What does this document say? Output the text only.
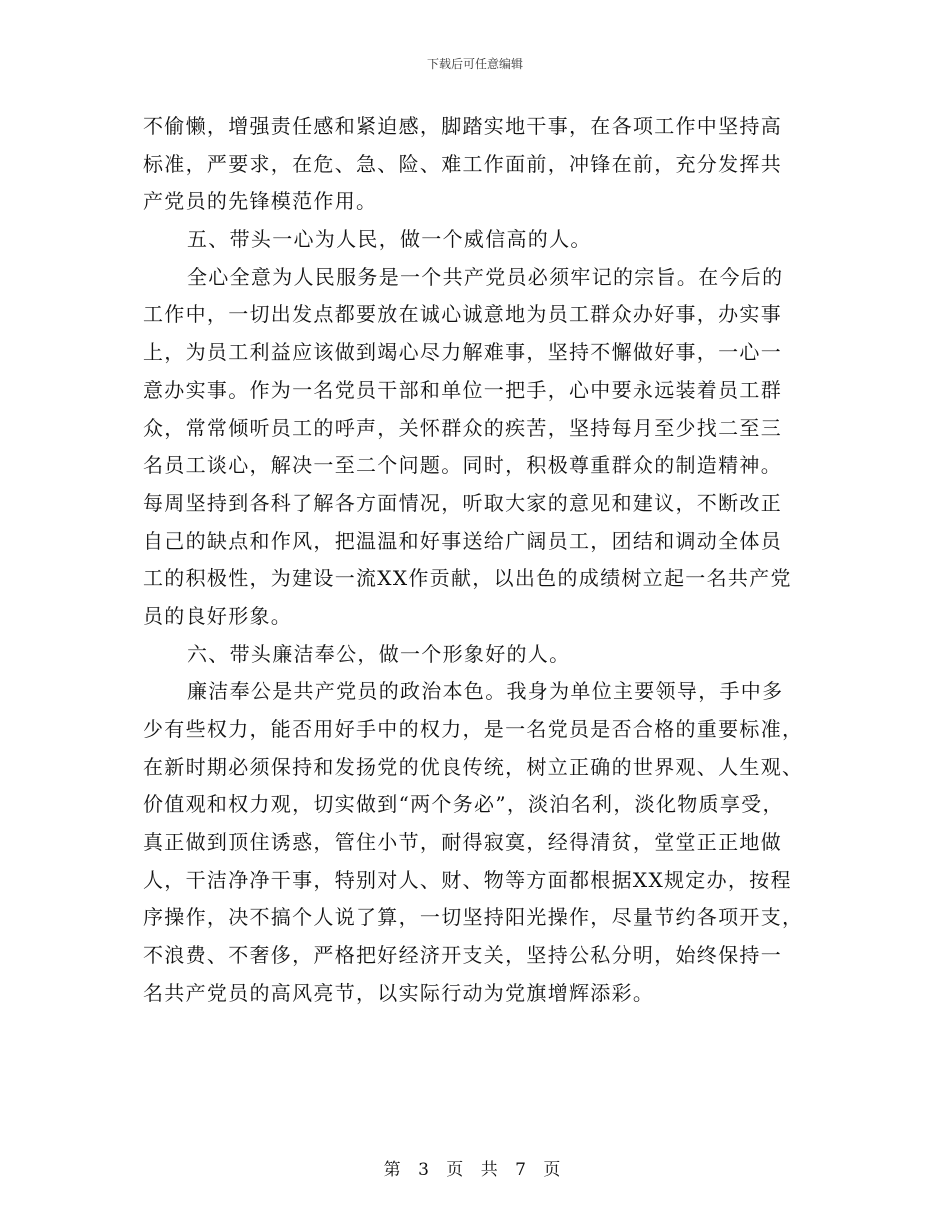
下载后可任意编辑
不偷懒，增强责任感和紧迫感，脚踏实地干事，在各项工作中坚持高
标准，严要求，在危、急、险、难工作面前，冲锋在前，充分发挥共
产党员的先锋模范作用。
五、带头一心为人民，做一个威信高的人。
全心全意为人民服务是一个共产党员必须牢记的宗旨。在今后的
工作中，一切出发点都要放在诚心诚意地为员工群众办好事，办实事
上，为员工利益应该做到竭心尽力解难事，坚持不懈做好事，一心一
意办实事。作为一名党员干部和单位一把手，心中要永远装着员工群
众，常常倾听员工的呼声，关怀群众的疾苦，坚持每月至少找二至三
名员工谈心，解决一至二个问题。同时，积极尊重群众的制造精神。
每周坚持到各科了解各方面情况，听取大家的意见和建议，不断改正
自己的缺点和作风，把温温和好事送给广阔员工，团结和调动全体员
工的积极性，为建设一流XX作贡献，以出色的成绩树立起一名共产党
员的良好形象。
六、带头廉洁奉公，做一个形象好的人。
廉洁奉公是共产党员的政治本色。我身为单位主要领导，手中多
少有些权力，能否用好手中的权力，是一名党员是否合格的重要标准，
在新时期必须保持和发扬党的优良传统，树立正确的世界观、人生观、
价值观和权力观，切实做到“两个务必”，淡泊名利，淡化物质享受，
真正做到顶住诱惑，管住小节，耐得寂寞，经得清贫，堂堂正正地做
人，干洁净净干事，特别对人、财、物等方面都根据XX规定办，按程
序操作，决不搞个人说了算，一切坚持阳光操作，尽量节约各项开支，
不浪费、不奢侈，严格把好经济开支关，坚持公私分明，始终保持一
名共产党员的高风亮节，以实际行动为党旗增辉添彩。
第 3 页 共 7 页
